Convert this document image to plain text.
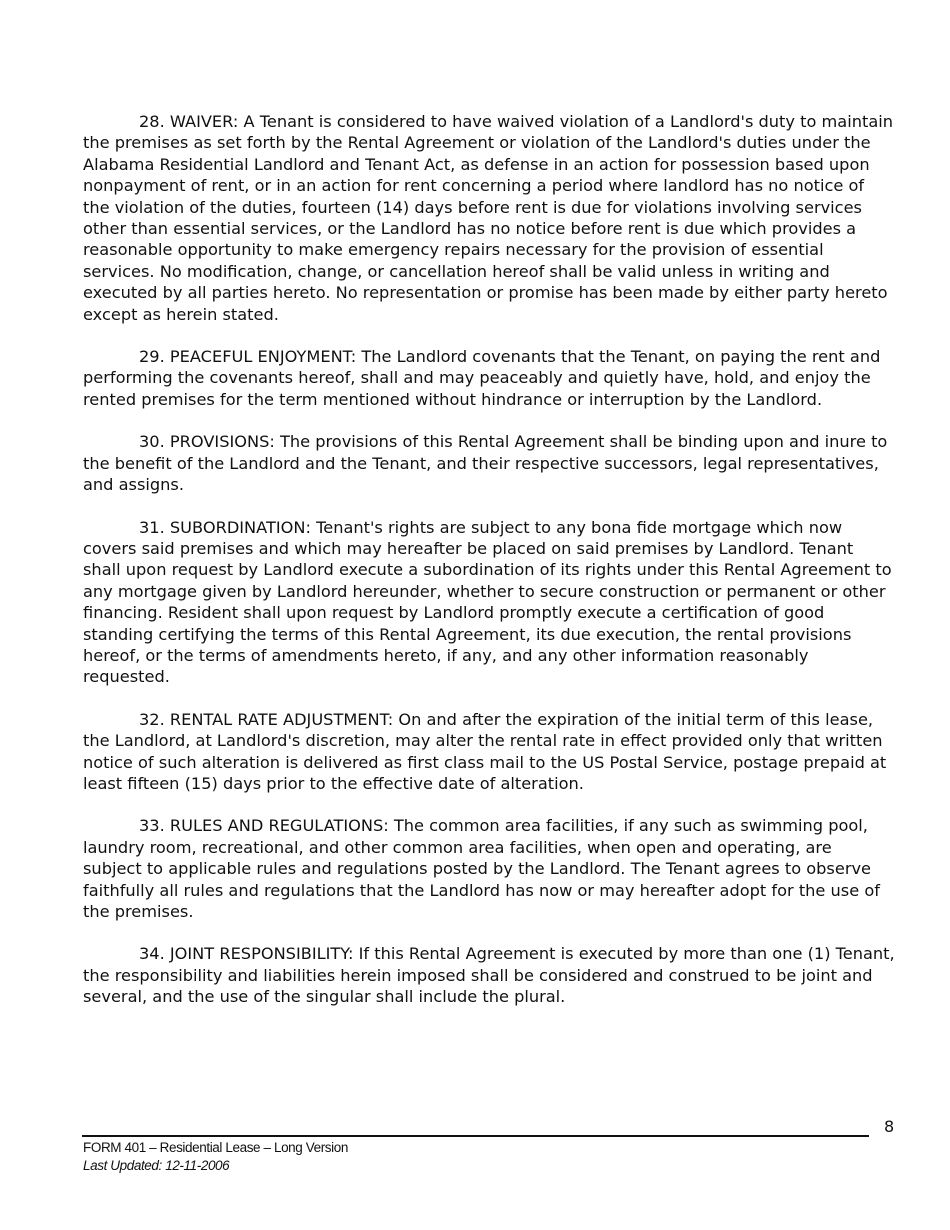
28. WAIVER: A Tenant is considered to have waived violation of a Landlord's duty to maintain the premises as set forth by the Rental Agreement or violation of the Landlord's duties under the Alabama Residential Landlord and Tenant Act, as defense in an action for possession based upon nonpayment of rent, or in an action for rent concerning a period where landlord has no notice of the violation of the duties, fourteen (14) days before rent is due for violations involving services other than essential services, or the Landlord has no notice before rent is due which provides a reasonable opportunity to make emergency repairs necessary for the provision of essential services. No modification, change, or cancellation hereof shall be valid unless in writing and executed by all parties hereto. No representation or promise has been made by either party hereto except as herein stated.

29. PEACEFUL ENJOYMENT: The Landlord covenants that the Tenant, on paying the rent and performing the covenants hereof, shall and may peaceably and quietly have, hold, and enjoy the rented premises for the term mentioned without hindrance or interruption by the Landlord.

30. PROVISIONS: The provisions of this Rental Agreement shall be binding upon and inure to the benefit of the Landlord and the Tenant, and their respective successors, legal representatives, and assigns.

31. SUBORDINATION: Tenant's rights are subject to any bona fide mortgage which now covers said premises and which may hereafter be placed on said premises by Landlord. Tenant shall upon request by Landlord execute a subordination of its rights under this Rental Agreement to any mortgage given by Landlord hereunder, whether to secure construction or permanent or other financing. Resident shall upon request by Landlord promptly execute a certification of good standing certifying the terms of this Rental Agreement, its due execution, the rental provisions hereof, or the terms of amendments hereto, if any, and any other information reasonably requested.

32. RENTAL RATE ADJUSTMENT: On and after the expiration of the initial term of this lease, the Landlord, at Landlord's discretion, may alter the rental rate in effect provided only that written notice of such alteration is delivered as first class mail to the US Postal Service, postage prepaid at least fifteen (15) days prior to the effective date of alteration.

33. RULES AND REGULATIONS: The common area facilities, if any such as swimming pool, laundry room, recreational, and other common area facilities, when open and operating, are subject to applicable rules and regulations posted by the Landlord. The Tenant agrees to observe faithfully all rules and regulations that the Landlord has now or may hereafter adopt for the use of the premises.

34. JOINT RESPONSIBILITY: If this Rental Agreement is executed by more than one (1) Tenant, the responsibility and liabilities herein imposed shall be considered and construed to be joint and several, and the use of the singular shall include the plural.

8
FORM 401 – Residential Lease – Long Version
Last Updated: 12-11-2006
